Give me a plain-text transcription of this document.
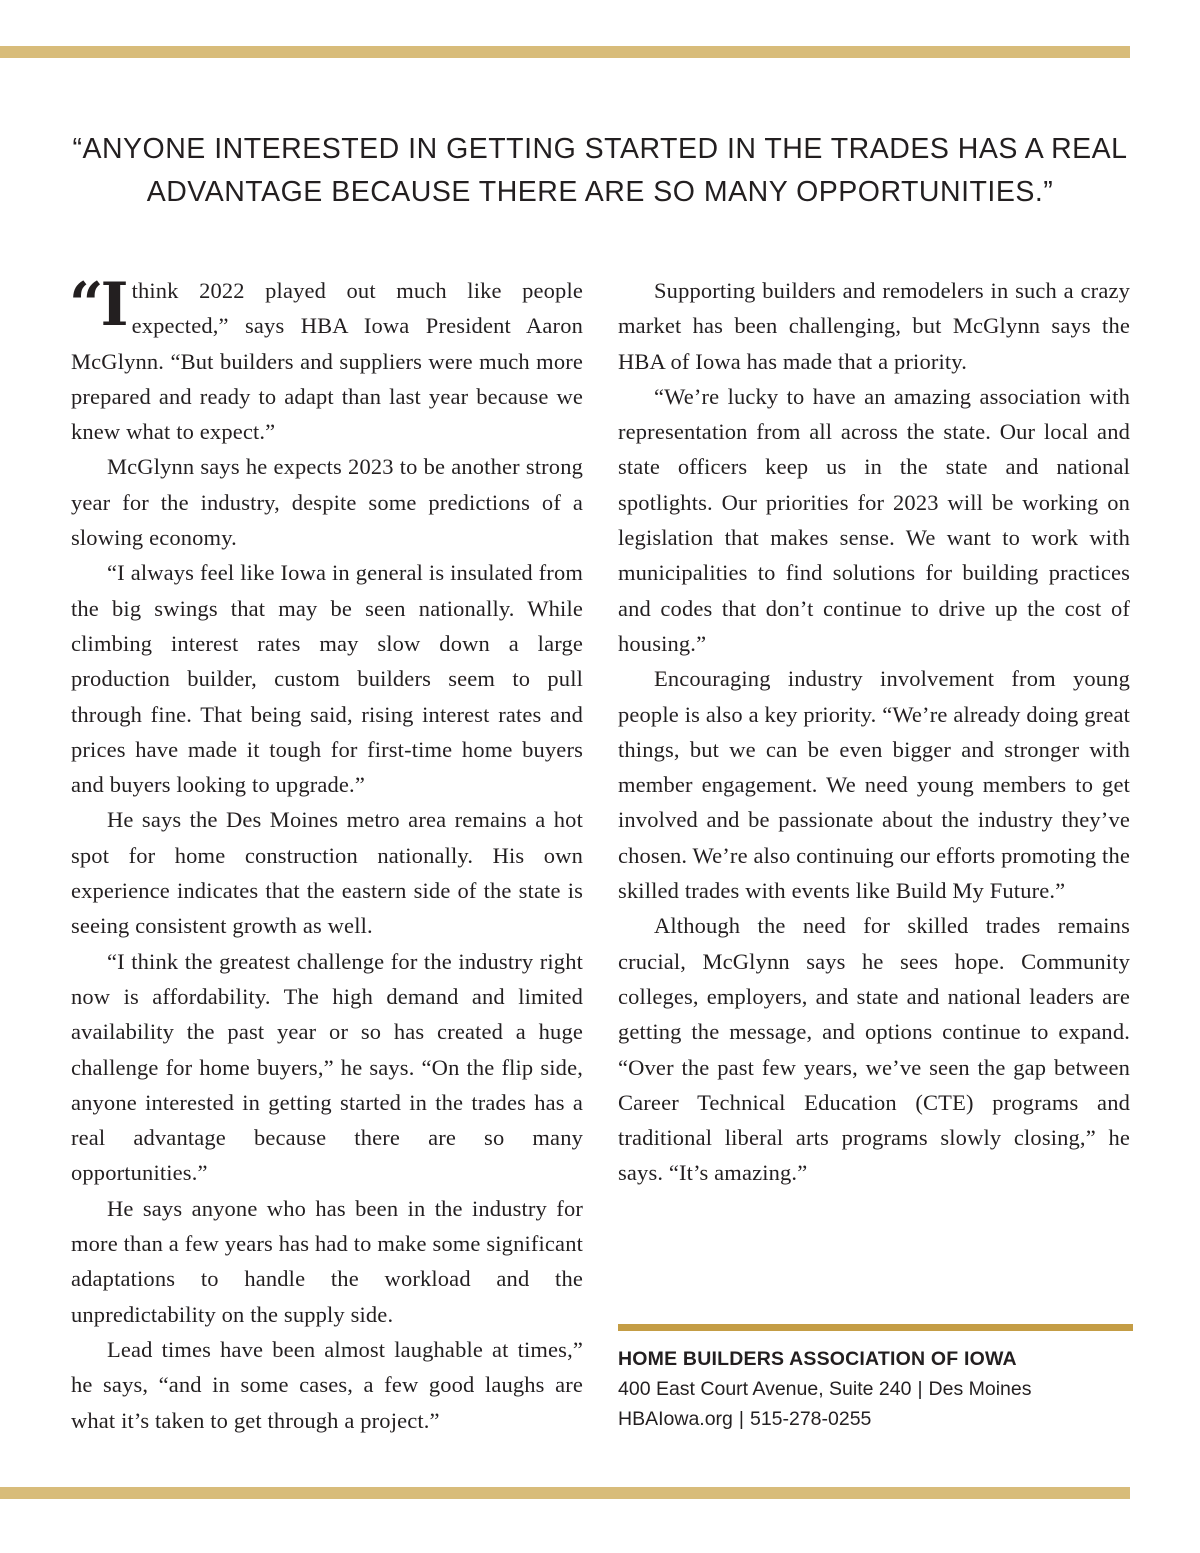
“ANYONE INTERESTED IN GETTING STARTED IN THE TRADES HAS A REAL ADVANTAGE BECAUSE THERE ARE SO MANY OPPORTUNITIES.”

“Ithink 2022 played out much like people expected,” says HBA Iowa President Aaron McGlynn. “But builders and suppliers were much more prepared and ready to adapt than last year because we knew what to expect.”

McGlynn says he expects 2023 to be another strong year for the industry, despite some predictions of a slowing economy.

“I always feel like Iowa in general is insulated from the big swings that may be seen nationally. While climbing interest rates may slow down a large production builder, custom builders seem to pull through fine. That being said, rising interest rates and prices have made it tough for first-time home buyers and buyers looking to upgrade.”

He says the Des Moines metro area remains a hot spot for home construction nationally. His own experience indicates that the eastern side of the state is seeing consistent growth as well.

“I think the greatest challenge for the industry right now is affordability. The high demand and limited availability the past year or so has created a huge challenge for home buyers,” he says. “On the flip side, anyone interested in getting started in the trades has a real advantage because there are so many opportunities.”

He says anyone who has been in the industry for more than a few years has had to make some significant adaptations to handle the workload and the unpredictability on the supply side.

Lead times have been almost laughable at times,” he says, “and in some cases, a few good laughs are what it’s taken to get through a project.”

Supporting builders and remodelers in such a crazy market has been challenging, but McGlynn says the HBA of Iowa has made that a priority.

“We’re lucky to have an amazing association with representation from all across the state. Our local and state officers keep us in the state and national spotlights. Our priorities for 2023 will be working on legislation that makes sense. We want to work with municipalities to find solutions for building practices and codes that don’t continue to drive up the cost of housing.”

Encouraging industry involvement from young people is also a key priority. “We’re already doing great things, but we can be even bigger and stronger with member engagement. We need young members to get involved and be passionate about the industry they’ve chosen. We’re also continuing our efforts promoting the skilled trades with events like Build My Future.”

Although the need for skilled trades remains crucial, McGlynn says he sees hope. Community colleges, employers, and state and national leaders are getting the message, and options continue to expand. “Over the past few years, we’ve seen the gap between Career Technical Education (CTE) programs and traditional liberal arts programs slowly closing,” he says. “It’s amazing.”

HOME BUILDERS ASSOCIATION OF IOWA
400 East Court Avenue, Suite 240 | Des Moines
HBAIowa.org | 515-278-0255
